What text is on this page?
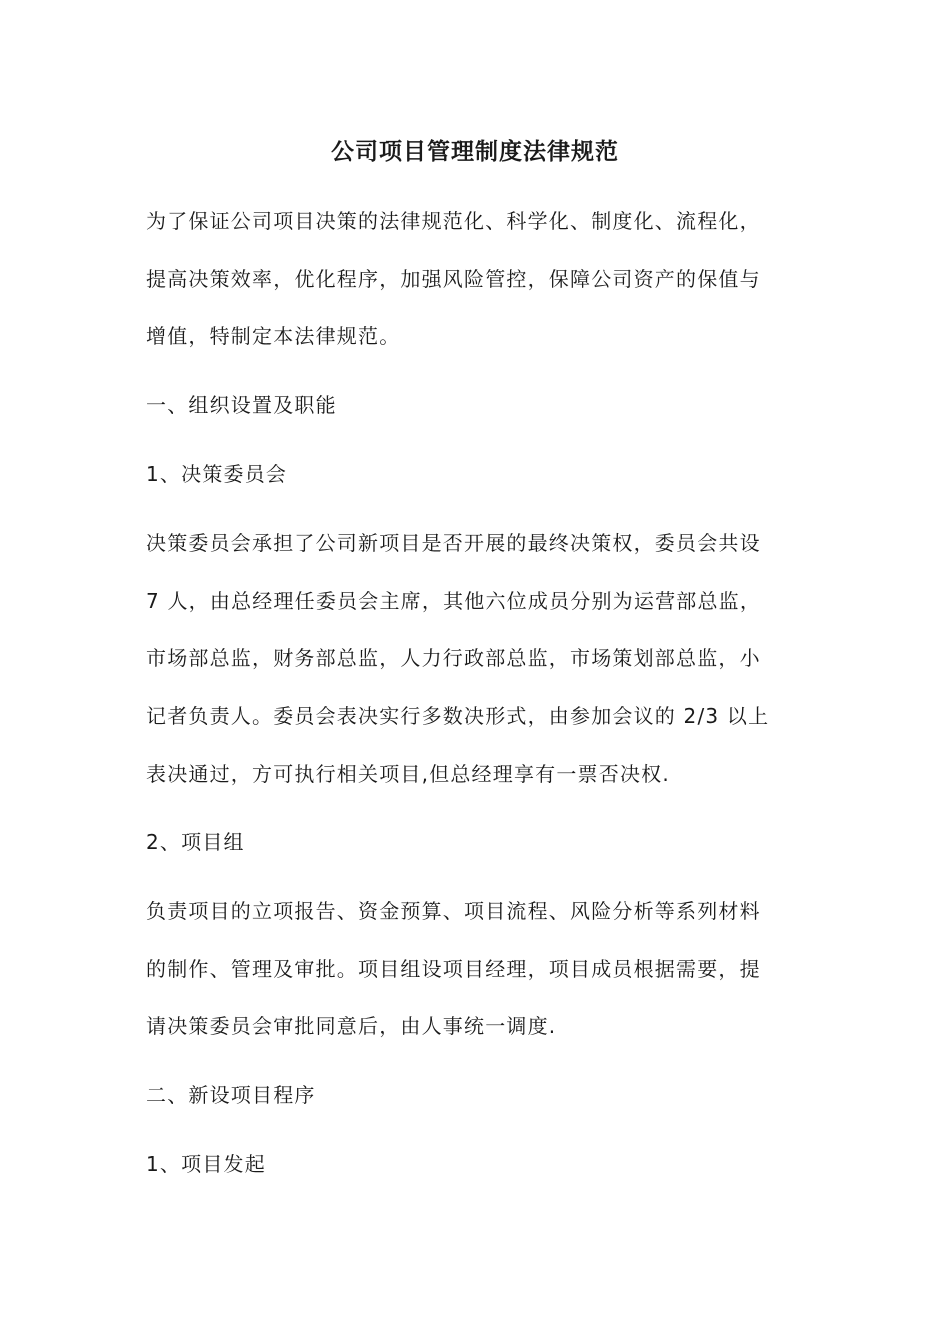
公司项目管理制度法律规范
为了保证公司项目决策的法律规范化、科学化、制度化、流程化，
提高决策效率，优化程序，加强风险管控，保障公司资产的保值与
增值，特制定本法律规范。
一、组织设置及职能
1、决策委员会
决策委员会承担了公司新项目是否开展的最终决策权，委员会共设
7 人，由总经理任委员会主席，其他六位成员分别为运营部总监，
市场部总监，财务部总监，人力行政部总监，市场策划部总监，小
记者负责人。委员会表决实行多数决形式，由参加会议的 2/3 以上
表决通过，方可执行相关项目,但总经理享有一票否决权.
2、项目组
负责项目的立项报告、资金预算、项目流程、风险分析等系列材料
的制作、管理及审批。项目组设项目经理，项目成员根据需要，提
请决策委员会审批同意后，由人事统一调度.
二、新设项目程序
1、项目发起
